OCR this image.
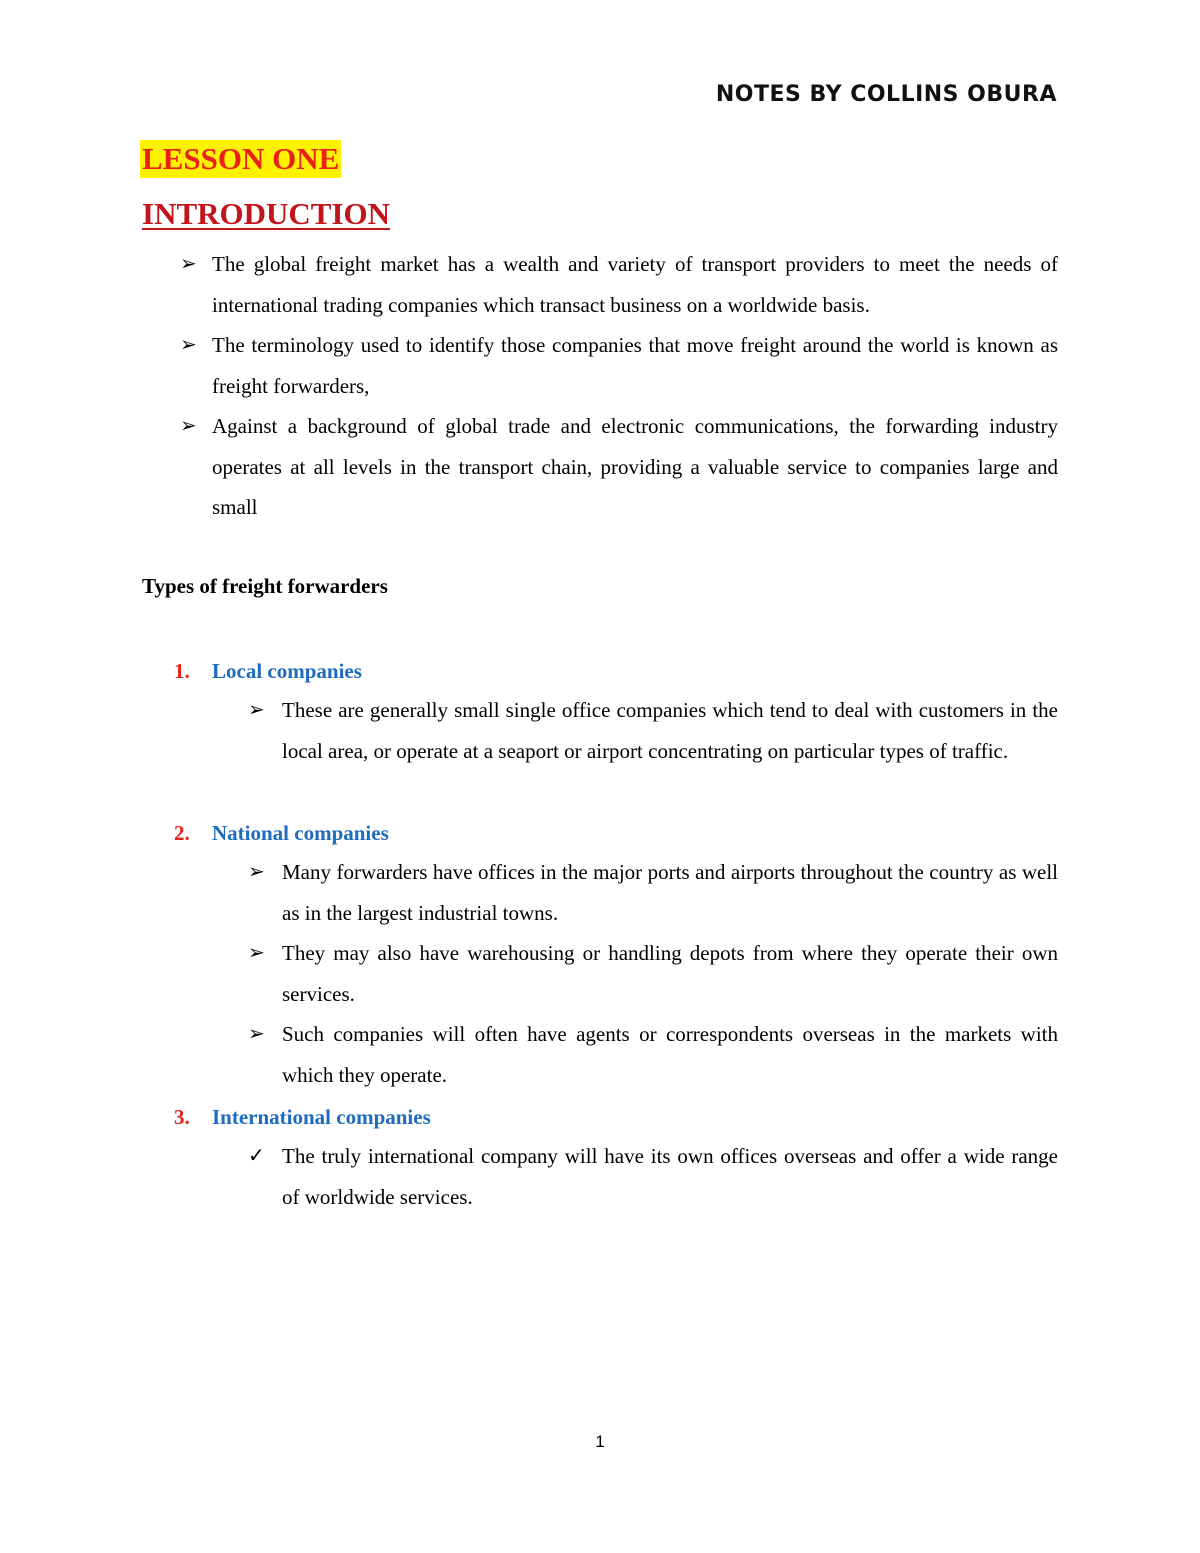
NOTES BY COLLINS OBURA
LESSON ONE
INTRODUCTION

➢ The global freight market has a wealth and variety of transport providers to meet the needs of international trading companies which transact business on a worldwide basis.

➢ The terminology used to identify those companies that move freight around the world is known as freight forwarders,

➢ Against a background of global trade and electronic communications, the forwarding industry operates at all levels in the transport chain, providing a valuable service to companies large and small

Types of freight forwarders
1. Local companies

➢ These are generally small single office companies which tend to deal with customers in the local area, or operate at a seaport or airport concentrating on particular types of traffic.

2. National companies

➢ Many forwarders have offices in the major ports and airports throughout the country as well as in the largest industrial towns.

➢ They may also have warehousing or handling depots from where they operate their own services.

➢ Such companies will often have agents or correspondents overseas in the markets with which they operate.

3. International companies

✓ The truly international company will have its own offices overseas and offer a wide range of worldwide services.

1
